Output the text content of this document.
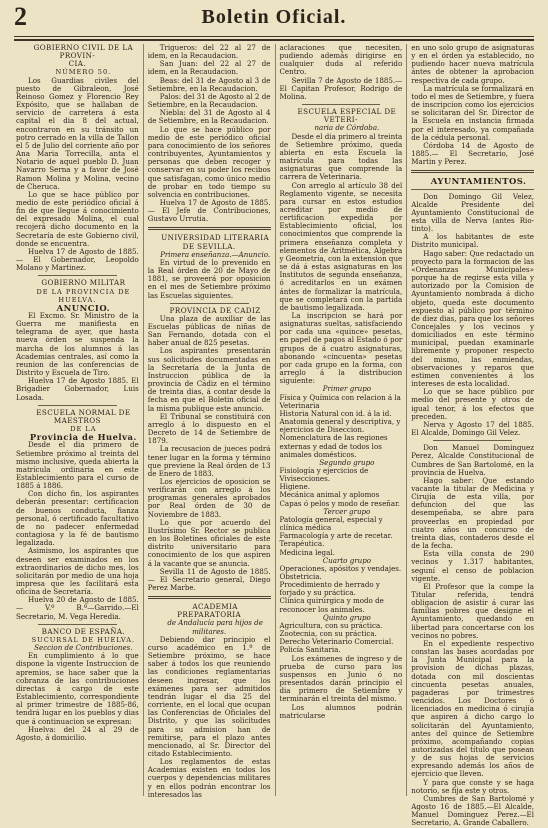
2	Boletin Oficial.

GOBIERNO CIVIL DE LA PROVIN-
CIA.

NÚMERO 50.

Los Guardias civiles del puesto de Gibraleon, José Reinoso Gomez y Florencio Rey Expósito, que se hallaban de servicio de carretera á esta capital el dia 8 del actual, encontraron en su tránsito un potro cerrado en la villa de Tallon el 5 de Julio del corriente año por Ana Maria Torrecilla, anta el Notario de aquel pueblo D. Juan Navarro Serna y a favor de José Ramon Molina y Molina, vecino de Cheruca.

Lo que se hace público por medio de este periódico oficial á fin de que llegue á conocimiento del expresado Molina, el cual recojerá dicho documento en la Secretaría de este Gobierno civil, donde se encuentra.

Huelva 17 de Agosto de 1885.— El Gobernador, Leopoldo Molano y Martinez.

GOBIERNO MILITAR

DE LA PROVINCIA DE HUELVA.

ANUNCIO.

El Excmo. Sr. Ministro de la Guerra me manifiesta en telegrama de ayer, que hasta nueva órden se suspenda la marcha de los alumnos á las Academias centrales, así como la reunion de las conferencias de Distrito y Escuela de Tiro.

Huelva 17 de Agosto 1885. El Brigadier Gobernador, Luis Losada.

ESCUELA NORMAL DE MAESTROS

DE LA

Provincia de Huelva.

Desde el dia primero de Setiembre próximo al treinta del mismo inclusive, queda abierta la matrícula ordinaria en este Establecimiento para el curso de 1885 á 1886.

Con dicho fin, los aspirantes deberán presentar: certificacion de buenos conducta, fianza personal, ó certificado facultativo de no padecer enfermedad contagiosa y la fé de bautismo legalizada.

Asimismo, los aspirantes que deseen ser examinados en los extraordinarios de dicho mes, los solicitarán por medio de una hoja impresa que les facilitará esta oficina de Secretaría.

Huelva 20 de Agosto de 1885. — V.º B.º—Garrido.—El Secretario, M. Vega Heredia.

BANCO DE ESPAÑA.

SUCURSAL DE HUELVA.

Seccion de Contribuciones.

En cumplimiento á lo que dispone la vigente Instruccion de apremios, se hace saber que la cobranza de las contribuciones directas á cargo de este Establecimiento, correspondiente al primer trimestre de 1885-86, tendrá lugar en los pueblos y dias que á continuacion se expresan:

Huelva: del 24 al 29 de Agosto, á domicilio.

Trigueros: del 22 al 27 de idem, en la Recaudacion.

San Juan: del 22 al 27 de idem, en la Recaudacion.

Beas: del 31 de Agosto al 3 de Setiembre, en la Recaudacion.

Palos: del 31 de Agosto al 2 de Setiembre, en la Recaudacion.

Niebla: del 31 de Agosto al 4 de Setiembre, en la Recaudacion.

Lo que se hace público por medio de este periódico oficial para conocimiento de los señores contribuyentes, Ayuntamientos y personas que deben recoger y conservar en su poder los recibos que satisfagan, como único medio de probar en todo tiempo su solvencia en contribuciones.

Huelva 17 de Agosto de 1885.— El Jefe de Contribuciones, Gustavo Urrutia.

UNIVERSIDAD LITERARIA DE SEVILLA.

Primera enseñanza.—Anuncio.

En virtud de lo prevenido en la Real órden de 20 de Mayo de 1881, se proveerá por oposicion en el mes de Setiembre próximo las Escuelas siguientes.

PROVINCIA DE CADIZ

Una plaza de auxiliar de las Escuelas públicas de niñas de San Fernando, dotada con el haber anual de 825 pesetas.

Los aspirantes presentarán sus solicitudes documentadas en la Secretaría de la Junta de Instruccion pública de la provincia de Cádiz en el término de treinta dias, á contar desde la fecha en que el Boletin oficial de la misma publique este anuncio.

El Tribunal se constituirá con arreglo á lo dispuesto en el Decreto de 14 de Setiembre de 1879.

La recusacion de jueces podrá tener lugar en la forma y término que previene la Real órden de 13 de Enero de 1883.

Los ejercicios de oposicion se verificarán con arreglo á los programas generales aprobados por Real órden de 30 de Noviembre de 1883.

Lo que por acuerdo del Ilustrísimo Sr. Rector se publica en los Boletines oficiales de este distrito universitario para conocimiento de los que aspiren á la vacante que se anuncia.

Sevilla 11 de Agosto de 1885.— El Secretario general, Diego Perez Marbe.

ACADEMIA PREPARATORIA

de Andalucía para hijos de militares.

Debiendo dar principio el curso académico en 1.º de Setiembre próximo, se hace saber á todos los que reuniendo las condiciones reglamentarias deseen ingresar, que los exámenes para ser admitidos tendrán lugar el dia 25 del corriente, en el local que ocupan las Conferencias de Oficiales del Distrito, y que las solicitudes para su admision han de remitirse, para el plazo antes mencionado, al Sr. Director del citado Establecimiento.

Los reglamentos de estas Academias existen en todos los cuerpos y dependencias militares y en ellos podrán encontrar los interesados las

aclaraciones que necesiten, pudiendo además dirigirse en cualquier duda al referido Centro.

Sevilla 7 de Agosto de 1885.—El Capitan Profesor, Rodrigo de Molina.

ESCUELA ESPECIAL DE VETERI-

naria de Córdoba.

Desde el dia primero al treinta de Setiembre próximo, queda abierta en esta Escuela la matrícula para todas las asignaturas que comprende la carrera de Veterinaria.

Con arreglo al artículo 38 del Reglamento vigente, se necesita para cursar en estos estudios acreditar por medio de certificacion expedida por Establecimiento oficial, los conocimientos que comprende la primera enseñanza completa y elementos de Aritmética, Algebra y Geometría, con la extension que se dá á estas asignaturas en los Institutos de segunda enseñanza, ó acreditarlos en un exámen ántes de formalizar la matrícula, que se completará con la partida de bautismo legalizada.

La inscripcion se hará por asignaturas sueltas, satisfaciendo por cada una «quince» pesetas, en papel de pagos al Estado ó por grupos de á cuatro asignaturas, abonando «cincuenta» pesetas por cada grupo en la forma, con arreglo á la distribucion siguiente:

Primer grupo

Física y Química con relacion á la Veterinaria
Historia Natural con id. á la id.
Anatomía general y descriptiva, y ejercicios de Diseccion.
Nomenclatura de las regiones externas y edad de todos los animales domésticos.

Segundo grupo

Fisiología y ejercicios de Vivisecciones.
Higiene.
Mecánica animal y aplomos
Capas ó pelos y modo de reseñar.

Tercer grupo

Patología general, especial y clínica médica
Farmacología y arte de recetar.
Terapéutica.
Medicina legal.

Cuarto grupo

Operaciones, apósitos y vendajes. Obstetricia.
Procedimiento de herrado y forjado y su práctica.
Clínica quirúrgica y modo de reconocer los animales.

Quinto grupo

Agricultura, con su práctica.
Zootecnia, con su práctica.
Derecho Veterinario Comercial.
Policía Sanitaria.

Los exámenes de ingreso y de prueba de curso para los suspensos en Junio ó no presentados darán principio el dia primero de Setiembre y terminarán el treinta del mismo.

Los alumnos podrán matricularse

en uno solo grupo de asignaturas y en el órden ya establecido, no pudiendo hacer nueva matrícula ántes de obtener la aprobacion respectiva de cada grupo.

La matrícula se formalizará en todo el mes de Setiembre, y fuera de inscripcion como los ejercicios se solicitaran del Sr. Director de la Escuela en instancia firmada por el interesado, ya compañada de la cédula personal.

Córdoba 14 de Agosto de 1885.— El Secretario, José Martin y Perez.

AYUNTAMIENTOS.

Don Domingo Gil Velez, Alcalde Presidente del Ayuntamiento Constitucional de esta villa de Nerva (antes Rio-tinto).

A los habitantes de este Distrito municipal.

Hago saber: Que redactado un proyecto para la formacion de las «Ordenanzas Municipales» porque ha de regirse esta villa y autorizado por la Comision de Ayuntamiento nombrada á dicho objeto, queda este documento expuesto al público por término de diez dias, para que los señores Concejales y los vecinos y domiciliados en este término municipal, puedan examinarle libremente y proponer respecto del mismo, las enmiendas, observaciones y reparos que estimen convenientes á los intereses de esta localidad.

Lo que se hace público por medio del presente y otros de igual tenor, á los efectos que preceden.

Nerva y Agosto 17 del 1885. El Alcalde, Domingo Gil Velez.

Don Manuel Dominguez Perez, Alcalde Constitucional de Cumbres de San Bartolomé, en la provincia de Huelva.

Hago saber: Que estando vacante la titular de Medicina y Cirujía de esta villa, por defuncion del que las desempeñaba, se abre para proveerlas en propiedad por cuatro años un concurso de treinta dias, contaderos desde el de la fecha.

Esta villa consta de 290 vecinos y 1.317 habitantes, seguní el censo de poblacion vigente.

El Profesor que la compe la Titular referida, tendrá obligacion de asistir á curar las familias pobres que designe el Ayuntamiento, quedando en libertad para concertarse con los vecinos no pobres.

En el expediente respectivo constan las bases acordadas por la Junta Municipal para la provision de dichas plazas, dotada con mil doscientas cincuenta pesetas anuales, pagaderas por trimestres vencidos. Los Doctores ó licenciados en medicina ó cirujía que aspiren á dicho cargo lo solicitarán del Ayuntamiento, antes del quince de Setiembre próximo, acompañando copias autorizadas del título que posean y de sus hojas de servicios expresando además los años de ejercicio que lleven.

Y para que conste y se haga notorio, se fija este y otros.

Cumbres de San Bartolomé y Agosto 16 de 1885.—El Alcalde, Manuel Dominguez Perez.—El Secretario, A. Grande Caballero.
